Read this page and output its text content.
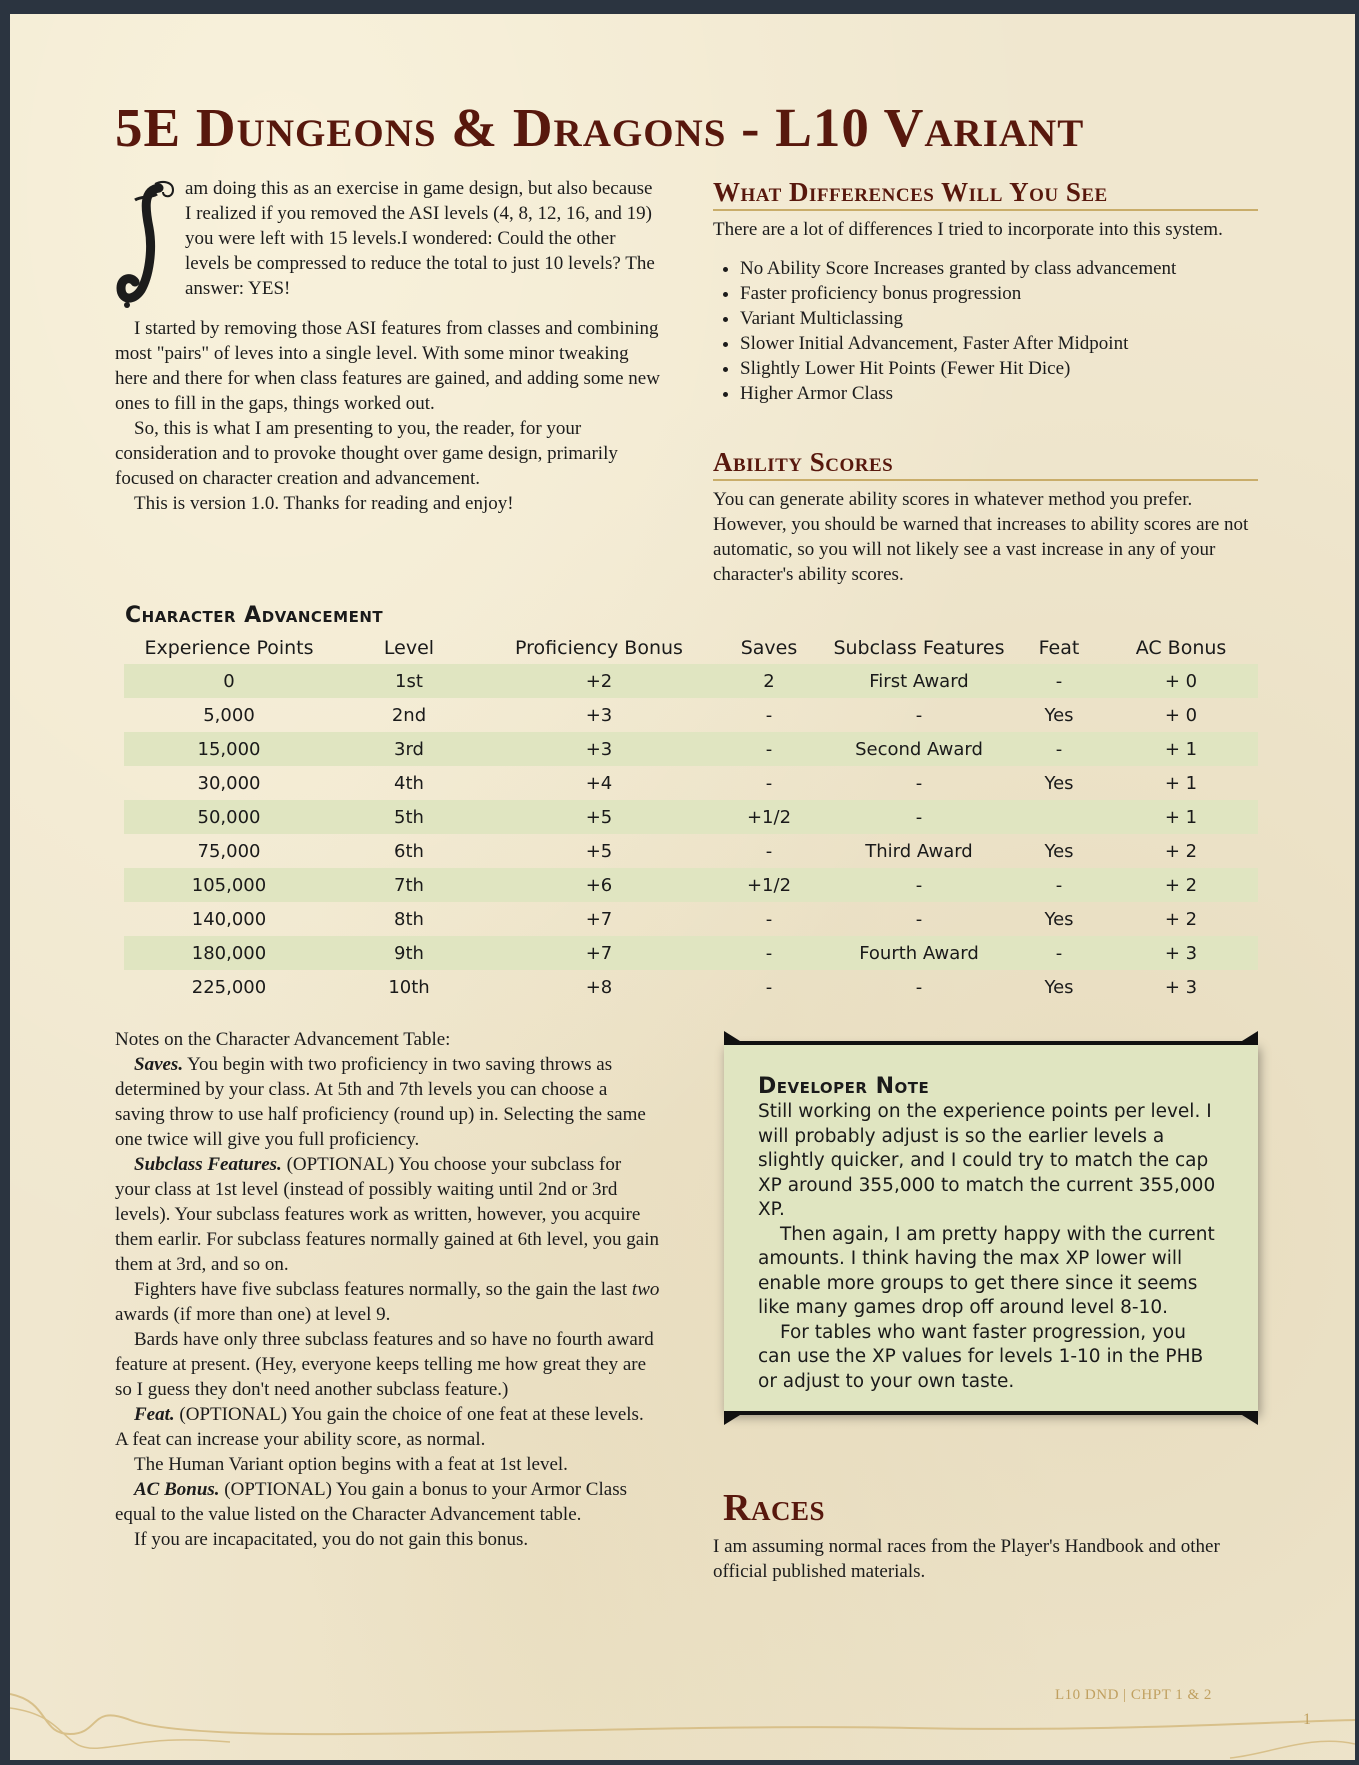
5E Dungeons & Dragons - L10 Variant

am doing this as an exercise in game design, but also because I realized if you removed the ASI levels (4, 8, 12, 16, and 19) you were left with 15 levels.I wondered: Could the other levels be compressed to reduce the total to just 10 levels? The answer: YES!

I started by removing those ASI features from classes and combining most "pairs" of leves into a single level. With some minor tweaking here and there for when class features are gained, and adding some new ones to fill in the gaps, things worked out.

So, this is what I am presenting to you, the reader, for your consideration and to provoke thought over game design, primarily focused on character creation and advancement.

This is version 1.0. Thanks for reading and enjoy!

What Differences Will You See

There are a lot of differences I tried to incorporate into this system.

• No Ability Score Increases granted by class advancement
• Faster proficiency bonus progression
• Variant Multiclassing
• Slower Initial Advancement, Faster After Midpoint
• Slightly Lower Hit Points (Fewer Hit Dice)
• Higher Armor Class
Ability Scores

You can generate ability scores in whatever method you prefer. However, you should be warned that increases to ability scores are not automatic, so you will not likely see a vast increase in any of your character's ability scores.

Character Advancement
Experience Points	Level	Proficiency Bonus	Saves	Subclass Features	Feat	AC Bonus
0	1st	+2	2	First Award	-	+ 0
5,000	2nd	+3	-	-	Yes	+ 0
15,000	3rd	+3	-	Second Award	-	+ 1
30,000	4th	+4	-	-	Yes	+ 1
50,000	5th	+5	+1/2	-		+ 1
75,000	6th	+5	-	Third Award	Yes	+ 2
105,000	7th	+6	+1/2	-	-	+ 2
140,000	8th	+7	-	-	Yes	+ 2
180,000	9th	+7	-	Fourth Award	-	+ 3
225,000	10th	+8	-	-	Yes	+ 3

Notes on the Character Advancement Table:

Saves. You begin with two proficiency in two saving throws as determined by your class. At 5th and 7th levels you can choose a saving throw to use half proficiency (round up) in. Selecting the same one twice will give you full proficiency.

Subclass Features. (OPTIONAL) You choose your subclass for your class at 1st level (instead of possibly waiting until 2nd or 3rd levels). Your subclass features work as written, however, you acquire them earlir. For subclass features normally gained at 6th level, you gain them at 3rd, and so on.

Fighters have five subclass features normally, so the gain the last two awards (if more than one) at level 9.

Bards have only three subclass features and so have no fourth award feature at present. (Hey, everyone keeps telling me how great they are so I guess they don't need another subclass feature.)

Feat. (OPTIONAL) You gain the choice of one feat at these levels. A feat can increase your ability score, as normal.

The Human Variant option begins with a feat at 1st level.

AC Bonus. (OPTIONAL) You gain a bonus to your Armor Class equal to the value listed on the Character Advancement table.

If you are incapacitated, you do not gain this bonus.

Developer Note

Still working on the experience points per level. I will probably adjust is so the earlier levels a slightly quicker, and I could try to match the cap XP around 355,000 to match the current 355,000 XP.

Then again, I am pretty happy with the current amounts. I think having the max XP lower will enable more groups to get there since it seems like many games drop off around level 8-10.

For tables who want faster progression, you can use the XP values for levels 1-10 in the PHB or adjust to your own taste.

Races

I am assuming normal races from the Player's Handbook and other official published materials.

L10 DND | CHPT 1 & 2
1
